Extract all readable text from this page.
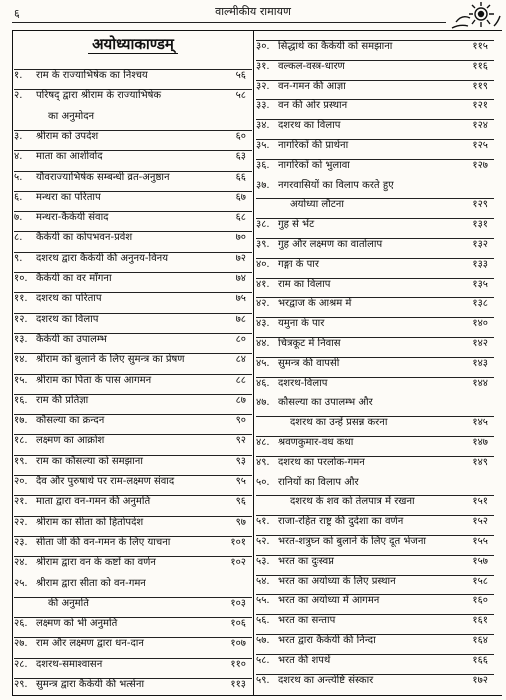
६	वाल्मीकीय रामायण
अयोध्याकाण्डम्
१. राम के राज्याभिषेक का निश्चय	५६
२. परिषद् द्वारा श्रीराम के राज्याभिषेक	५८
का अनुमोदन
३. श्रीराम को उपदेश	६०
४. माता का आशीर्वाद	६३
५. यौवराज्याभिषेक सम्बन्धी व्रत-अनुष्ठान	६६
६. मन्थरा का परिताप	६७
७. मन्थरा-कैकेयी संवाद	६८
८. कैकेयी का कोपभवन-प्रवेश	७०
९. दशरथ द्वारा कैकेयी की अनुनय-विनय	७२
१०. कैकेयी का वर माँगना	७४
११. दशरथ का परिताप	७५
१२. दशरथ का विलाप	७८
१३. कैकेयी का उपालम्भ	८०
१४. श्रीराम को बुलाने के लिए सुमन्त्र का प्रेषण	८४
१५. श्रीराम का पिता के पास आगमन	८८
१६. राम की प्रतिज्ञा	८७
१७. कौसल्या का क्रन्दन	९०
१८. लक्ष्मण का आक्रोश	९२
१९. राम का कौसल्या को समझाना	९३
२०. दैव और पुरुषार्थ पर राम-लक्ष्मण संवाद	९५
२१. माता द्वारा वन-गमन की अनुमति	९६
२२. श्रीराम का सीता को हितोपदेश	९७
२३. सीता जी की वन-गमन के लिए याचना	१०१
२४. श्रीराम द्वारा वन के कष्टों का वर्णन	१०२
२५. श्रीराम द्वारा सीता को वन-गमन
की अनुमति	१०३
२६. लक्ष्मण को भी अनुमति	१०६
२७. राम और लक्ष्मण द्वारा धन-दान	१०७
२८. दशरथ-समाश्वासन	११०
२९. सुमन्त्र द्वारा कैकेयी की भर्त्सना	११३
३०. सिद्धार्थ का कैकेयी को समझाना	११५
३१. वल्कल-वस्त्र-धारण	११६
३२. वन-गमन की आज्ञा	११९
३३. वन की ओर प्रस्थान	१२१
३४. दशरथ का विलाप	१२४
३५. नागरिकों की प्रार्थना	१२५
३६. नागरिकों को भुलावा	१२७
३७. नगरवासियों का विलाप करते हुए
अयोध्या लौटना	१२९
३८. गुह से भेंट	१३१
३९. गुह और लक्ष्मण का वार्तालाप	१३२
४०. गङ्गा के पार	१३३
४१. राम का विलाप	१३५
४२. भरद्वाज के आश्रम में	१३८
४३. यमुना के पार	१४०
४४. चित्रकूट में निवास	१४२
४५. सुमन्त्र की वापसी	१४३
४६. दशरथ-विलाप	१४४
४७. कौसल्या का उपालम्भ और
दशरथ का उन्हें प्रसन्न करना	१४५
४८. श्रवणकुमार-वध कथा	१४७
४९. दशरथ का परलोक-गमन	१४९
५०. रानियों का विलाप और
दशरथ के शव को तेलपात्र में रखना	१५१
५१. राजा-रहित राष्ट्र की दुर्दशा का वर्णन	१५२
५२. भरत-शत्रुघ्न को बुलाने के लिए दूत भेजना	१५५
५३. भरत का दुःस्वप्न	१५७
५४. भरत का अयोध्या के लिए प्रस्थान	१५८
५५. भरत का अयोध्या में आगमन	१६०
५६. भरत का सन्ताप	१६१
५७. भरत द्वारा कैकेयी की निन्दा	१६४
५८. भरत की शपथें	१६६
५९. दशरथ का अन्त्येष्टि संस्कार	१७२
